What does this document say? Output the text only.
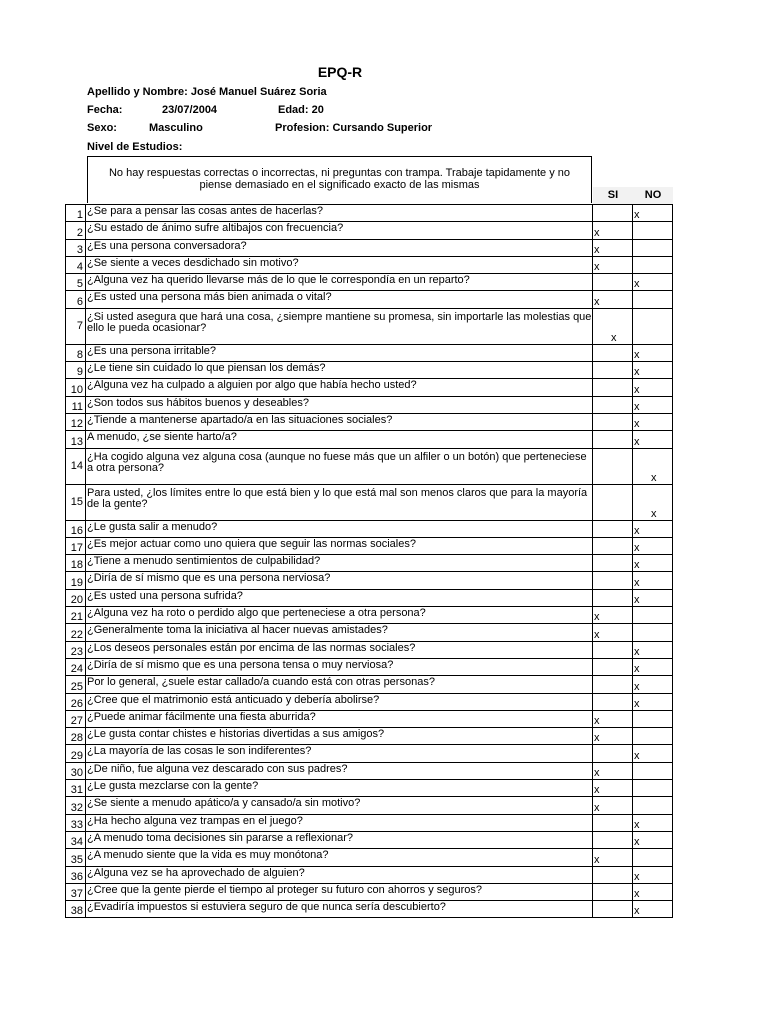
EPQ-R
Apellido y Nombre: José Manuel Suárez Soria
Fecha:	23/07/2004	Edad: 20
Sexo:	Masculino	Profesion: Cursando Superior
Nivel de Estudios:
No hay respuestas correctas o incorrectas, ni preguntas con trampa. Trabaje tapidamente y no piense demasiado en el significado exacto de las mismas
SI	NO
1	¿Se para a pensar las cosas antes de hacerlas?		x

2	¿Su estado de ánimo sufre altibajos con frecuencia?	x	

3	¿Es una persona conversadora?	x	

4	¿Se siente a veces desdichado sin motivo?	x	

5	¿Alguna vez ha querido llevarse más de lo que le correspondía en un reparto?		x

6	¿Es usted una persona más bien animada o vital?	x	

7	¿Si usted asegura que hará una cosa, ¿siempre mantiene su promesa, sin importarle las molestias que ello le pueda ocasionar?	x	

8	¿Es una persona irritable?		x

9	¿Le tiene sin cuidado lo que piensan los demás?		x

10	¿Alguna vez ha culpado a alguien por algo que había hecho usted?		x

11	¿Son todos sus hábitos buenos y deseables?		x

12	¿Tiende a mantenerse apartado/a en las situaciones sociales?		x

13	A menudo, ¿se siente harto/a?		x

14	¿Ha cogido alguna vez alguna cosa (aunque no fuese más que un alfiler o un botón) que perteneciese a otra persona?		x

15	Para usted, ¿los límites entre lo que está bien y lo que está mal son menos claros que para la mayoría de la gente?		x

16	¿Le gusta salir a menudo?		x

17	¿Es mejor actuar como uno quiera que seguir las normas sociales?		x

18	¿Tiene a menudo sentimientos de culpabilidad?		x

19	¿Diría de sí mismo que es una persona nerviosa?		x

20	¿Es usted una persona sufrida?		x

21	¿Alguna vez ha roto o perdido algo que perteneciese a otra persona?	x	

22	¿Generalmente toma la iniciativa al hacer nuevas amistades?	x	

23	¿Los deseos personales están por encima de las normas sociales?		x

24	¿Diría de sí mismo que es una persona tensa o muy nerviosa?		x

25	Por lo general, ¿suele estar callado/a cuando está con otras personas?		x

26	¿Cree que el matrimonio está anticuado y debería abolirse?		x

27	¿Puede animar fácilmente una fiesta aburrida?	x	

28	¿Le gusta contar chistes e historias divertidas a sus amigos?	x	

29	¿La mayoría de las cosas le son indiferentes?		x

30	¿De niño, fue alguna vez descarado con sus padres?	x	

31	¿Le gusta mezclarse con la gente?	x	

32	¿Se siente a menudo apático/a y cansado/a sin motivo?	x	

33	¿Ha hecho alguna vez trampas en el juego?		x

34	¿A menudo toma decisiones sin pararse a reflexionar?		x

35	¿A menudo siente que la vida es muy monótona?	x	

36	¿Alguna vez se ha aprovechado de alguien?		x

37	¿Cree que la gente pierde el tiempo al proteger su futuro con ahorros y seguros?		x

38	¿Evadiría impuestos si estuviera seguro de que nunca sería descubierto?		x
